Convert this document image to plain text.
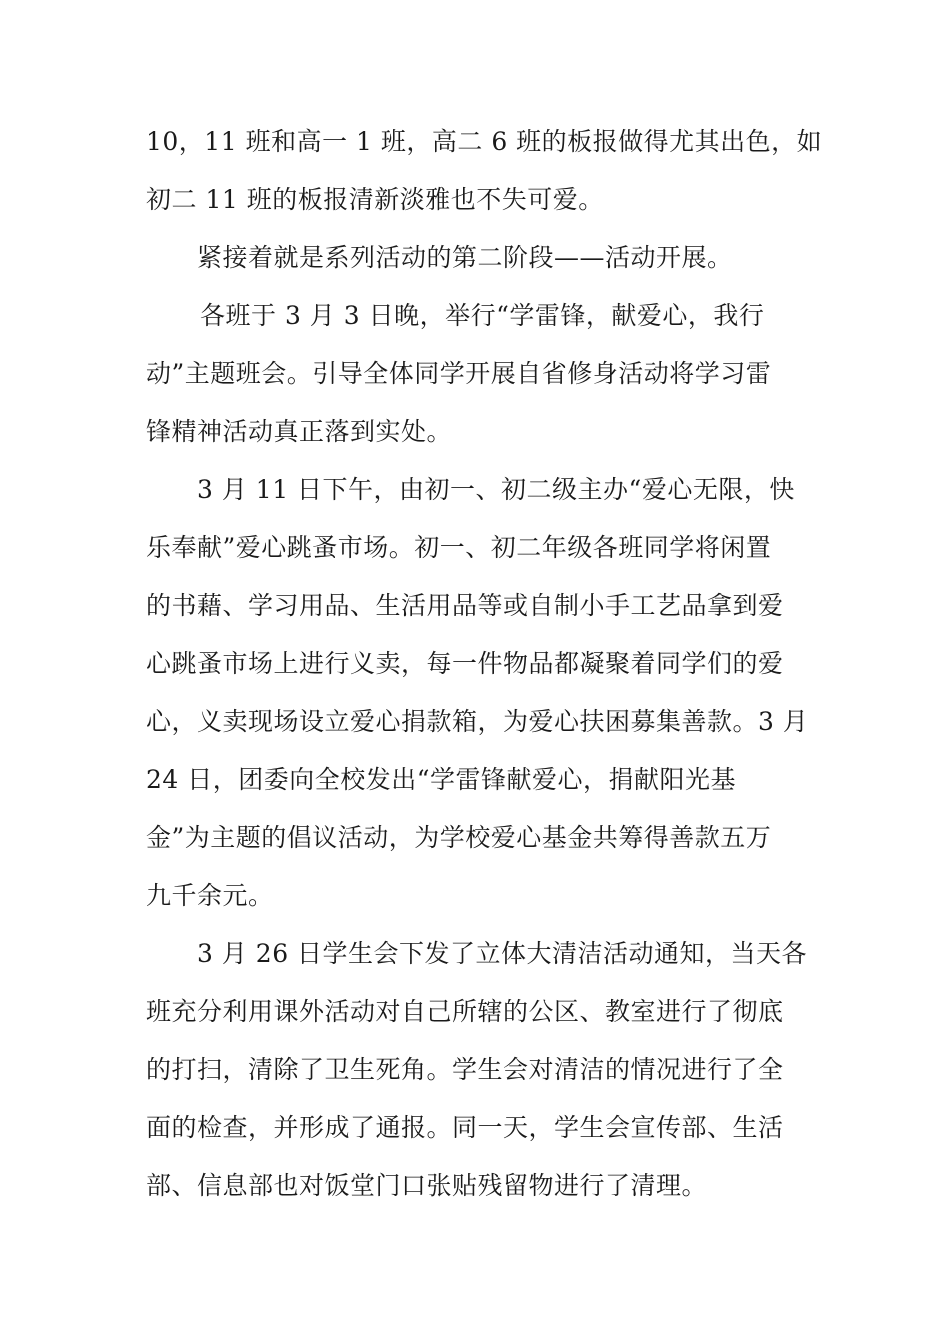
10，11 班和高一 1 班，高二 6 班的板报做得尤其出色，如
初二 11 班的板报清新淡雅也不失可爱。
紧接着就是系列活动的第二阶段——活动开展。
各班于 3 月 3 日晚，举行“学雷锋，献爱心，我行
动”主题班会。引导全体同学开展自省修身活动将学习雷
锋精神活动真正落到实处。
3 月 11 日下午，由初一、初二级主办“爱心无限，快
乐奉献”爱心跳蚤市场。初一、初二年级各班同学将闲置
的书藉、学习用品、生活用品等或自制小手工艺品拿到爱
心跳蚤市场上进行义卖，每一件物品都凝聚着同学们的爱
心，义卖现场设立爱心捐款箱，为爱心扶困募集善款。3 月
24 日，团委向全校发出“学雷锋献爱心，捐献阳光基
金”为主题的倡议活动，为学校爱心基金共筹得善款五万
九千余元。
3 月 26 日学生会下发了立体大清洁活动通知，当天各
班充分利用课外活动对自己所辖的公区、教室进行了彻底
的打扫，清除了卫生死角。学生会对清洁的情况进行了全
面的检查，并形成了通报。同一天，学生会宣传部、生活
部、信息部也对饭堂门口张贴残留物进行了清理。
